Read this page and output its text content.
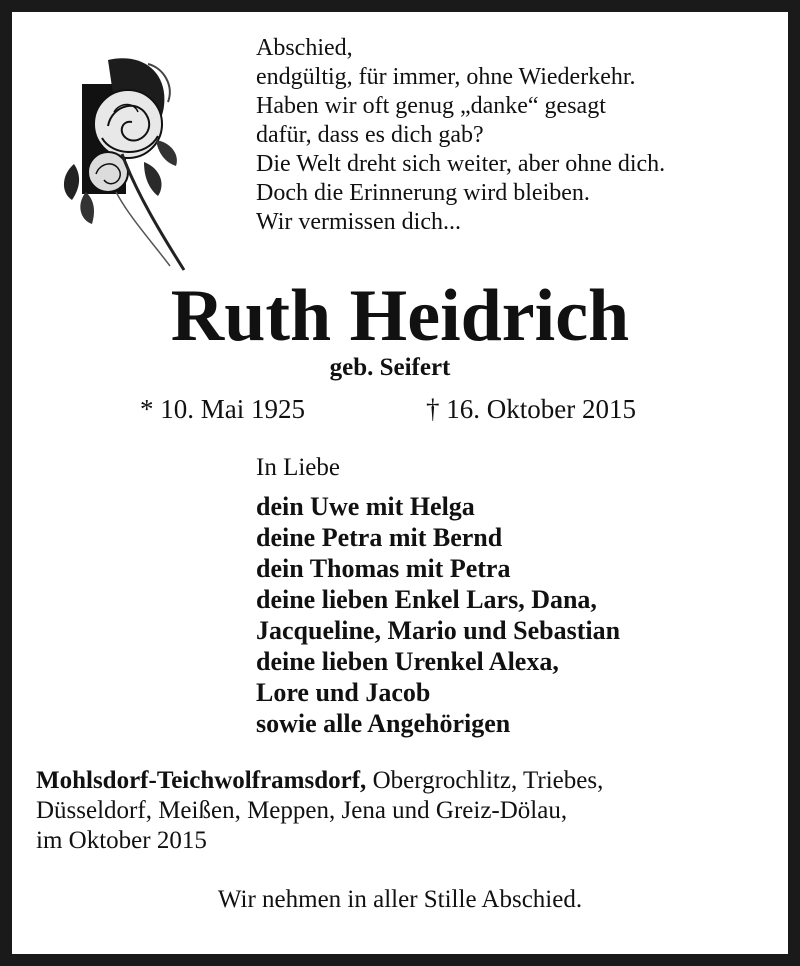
Abschied,
endgültig, für immer, ohne Wiederkehr.
Haben wir oft genug „danke“ gesagt
dafür, dass es dich gab?
Die Welt dreht sich weiter, aber ohne dich.
Doch die Erinnerung wird bleiben.
Wir vermissen dich...
Ruth Heidrich
geb. Seifert
* 10. Mai 1925	† 16. Oktober 2015
In Liebe
dein Uwe mit Helga
deine Petra mit Bernd
dein Thomas mit Petra
deine lieben Enkel Lars, Dana,
Jacqueline, Mario und Sebastian
deine lieben Urenkel Alexa,
Lore und Jacob
sowie alle Angehörigen
Mohlsdorf-Teichwolframsdorf, Obergrochlitz, Triebes,
Düsseldorf, Meißen, Meppen, Jena und Greiz-Dölau,
im Oktober 2015
Wir nehmen in aller Stille Abschied.
